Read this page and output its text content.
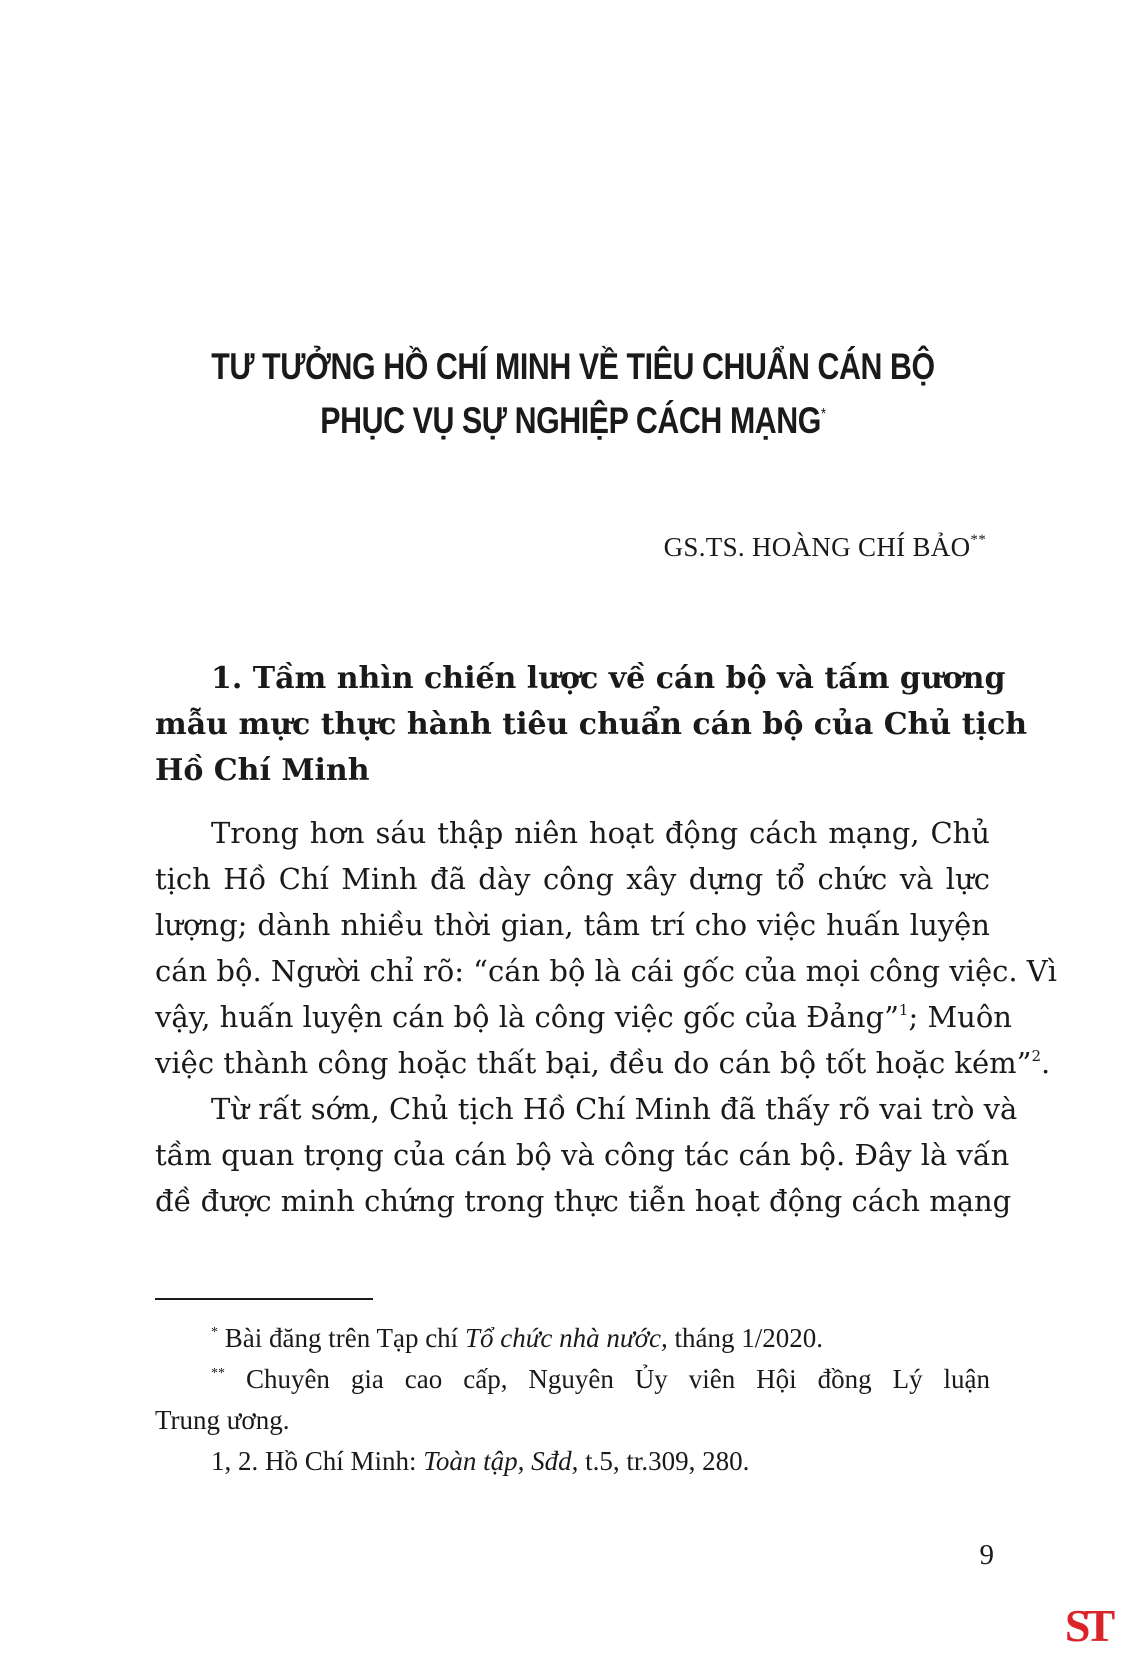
TƯ TƯỞNG HỒ CHÍ MINH VỀ TIÊU CHUẨN CÁN BỘ
PHỤC VỤ SỰ NGHIỆP CÁCH MẠNG*
GS.TS. HOÀNG CHÍ BẢO**
1. Tầm nhìn chiến lược về cán bộ và tấm gương
mẫu mực thực hành tiêu chuẩn cán bộ của Chủ tịch
Hồ Chí Minh
Trong hơn sáu thập niên hoạt động cách mạng, Chủ
tịch Hồ Chí Minh đã dày công xây dựng tổ chức và lực
lượng; dành nhiều thời gian, tâm trí cho việc huấn luyện
cán bộ. Người chỉ rõ: “cán bộ là cái gốc của mọi công việc. Vì
vậy, huấn luyện cán bộ là công việc gốc của Đảng”$^1$; Muôn
việc thành công hoặc thất bại, đều do cán bộ tốt hoặc kém”$^2$.
Từ rất sớm, Chủ tịch Hồ Chí Minh đã thấy rõ vai trò và
tầm quan trọng của cán bộ và công tác cán bộ. Đây là vấn
đề được minh chứng trong thực tiễn hoạt động cách mạng
* Bài đăng trên Tạp chí Tổ chức nhà nước, tháng 1/2020.
** Chuyên gia cao cấp, Nguyên Ủy viên Hội đồng Lý luận
Trung ương.
1, 2. Hồ Chí Minh: Toàn tập, Sđd, t.5, tr.309, 280.
9
ST
